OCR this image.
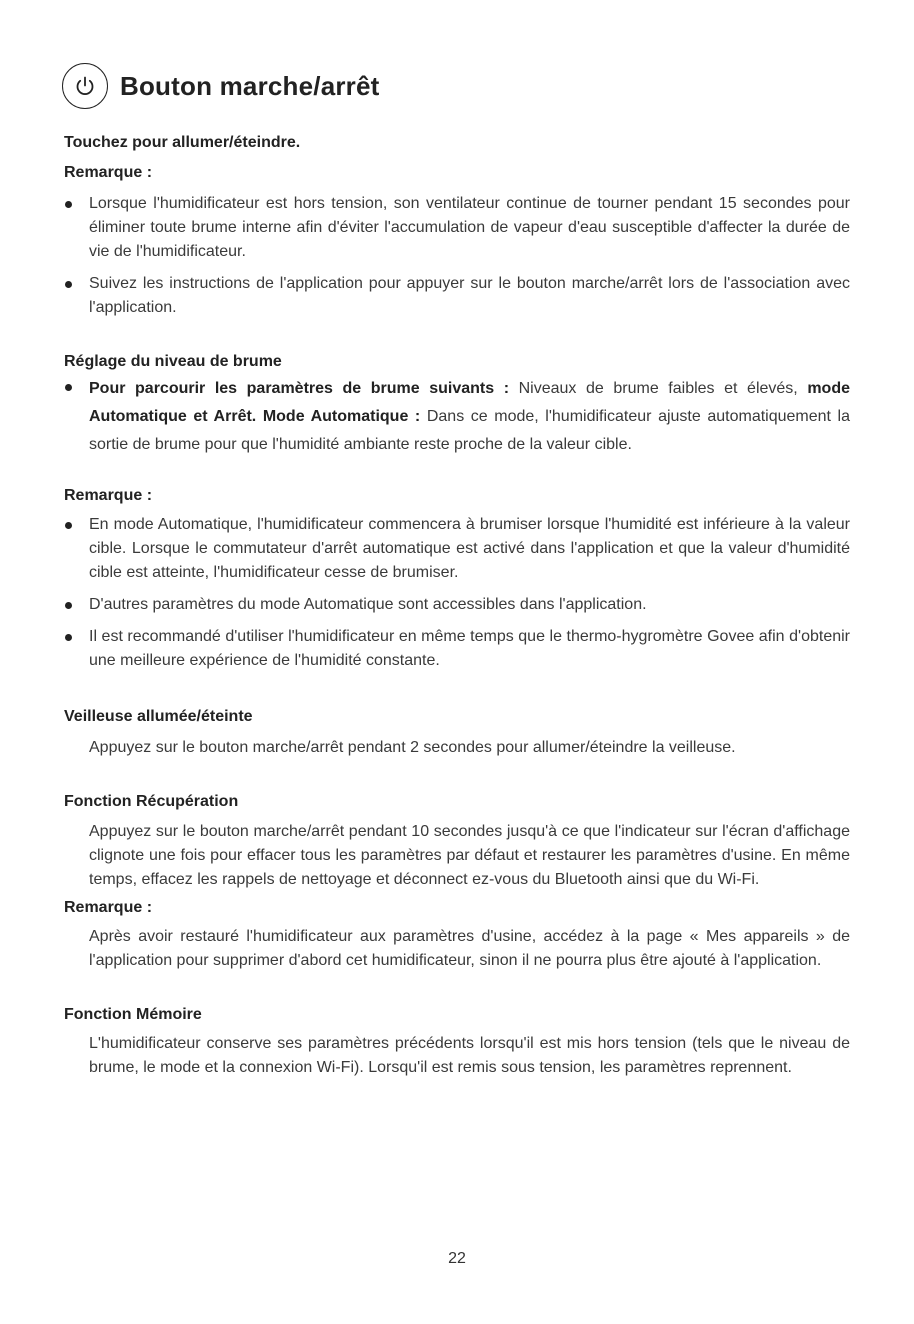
Bouton marche/arrêt

Touchez pour allumer/éteindre.

Remarque :

Lorsque l'humidificateur est hors tension, son ventilateur continue de tourner pendant 15 secondes pour éliminer toute brume interne afin d'éviter l'accumulation de vapeur d'eau susceptible d'affecter la durée de vie de l'humidificateur.

Suivez les instructions de l'application pour appuyer sur le bouton marche/arrêt lors de l'association avec l'application.

Réglage du niveau de brume

Pour parcourir les paramètres de brume suivants : Niveaux de brume faibles et élevés, mode Automatique et Arrêt. Mode Automatique : Dans ce mode, l'humidificateur ajuste automatiquement la sortie de brume pour que l'humidité ambiante reste proche de la valeur cible.

Remarque :

En mode Automatique, l'humidificateur commencera à brumiser lorsque l'humidité est inférieure à la valeur cible. Lorsque le commutateur d'arrêt automatique est activé dans l'application et que la valeur d'humidité cible est atteinte, l'humidificateur cesse de brumiser.

D'autres paramètres du mode Automatique sont accessibles dans l'application.

Il est recommandé d'utiliser l'humidificateur en même temps que le thermo-hygromètre Govee afin d'obtenir une meilleure expérience de l'humidité constante.

Veilleuse allumée/éteinte

Appuyez sur le bouton marche/arrêt pendant 2 secondes pour allumer/éteindre la veilleuse.

Fonction Récupération

Appuyez sur le bouton marche/arrêt pendant 10 secondes jusqu'à ce que l'indicateur sur l'écran d'affichage clignote une fois pour effacer tous les paramètres par défaut et restaurer les paramètres d'usine. En même temps, effacez les rappels de nettoyage et déconnect ez-vous du Bluetooth ainsi que du Wi-Fi.

Remarque :

Après avoir restauré l'humidificateur aux paramètres d'usine, accédez à la page « Mes appareils » de l'application pour supprimer d'abord cet humidificateur, sinon il ne pourra plus être ajouté à l'application.

Fonction Mémoire

L'humidificateur conserve ses paramètres précédents lorsqu'il est mis hors tension (tels que le niveau de brume, le mode et la connexion Wi-Fi). Lorsqu'il est remis sous tension, les paramètres reprennent.

22
